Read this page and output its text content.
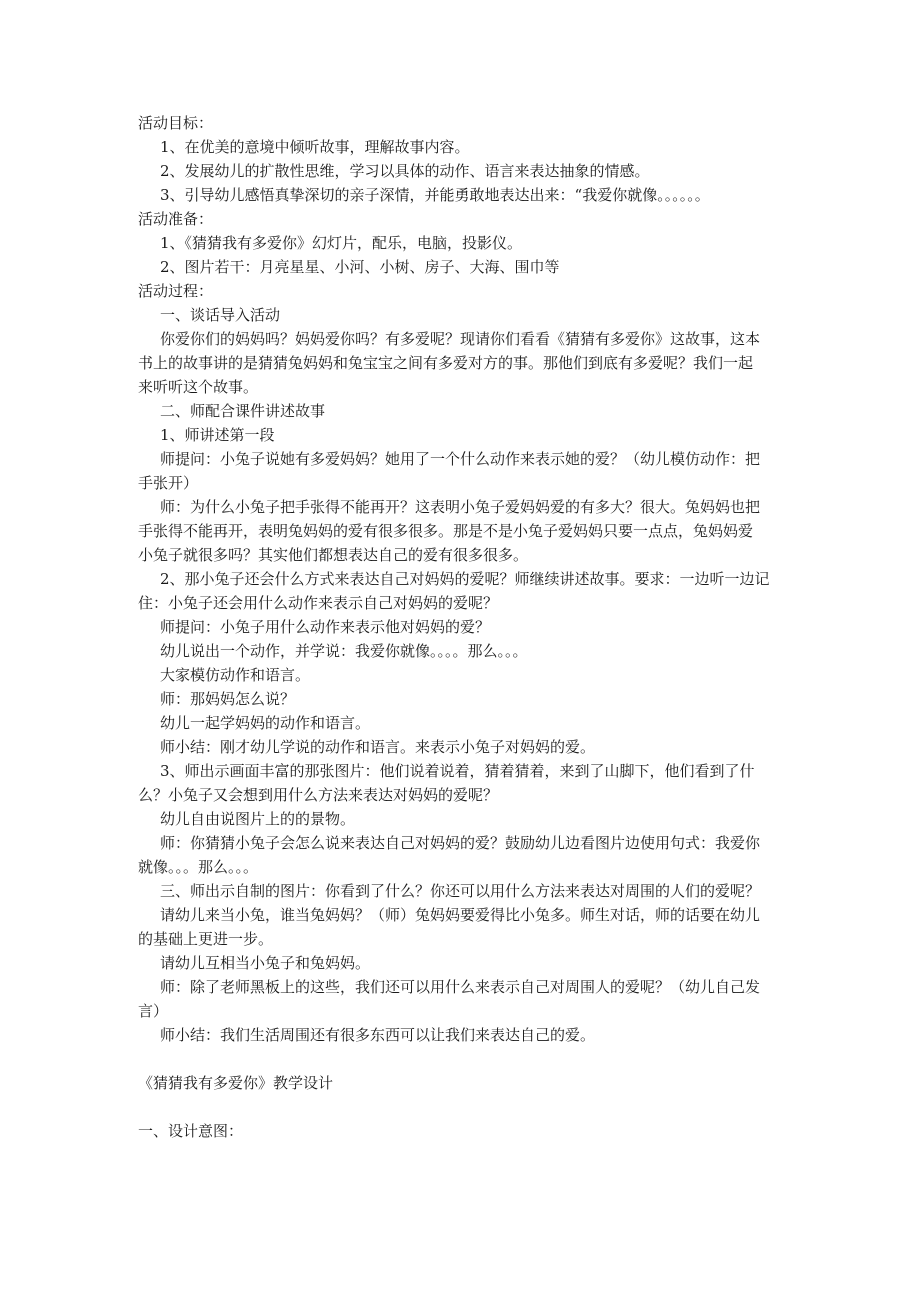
活动目标：
1、在优美的意境中倾听故事，理解故事内容。
2、发展幼儿的扩散性思维，学习以具体的动作、语言来表达抽象的情感。
3、引导幼儿感悟真挚深切的亲子深情，并能勇敢地表达出来：“我爱你就像。。。。。。
活动准备：
1、《猜猜我有多爱你》幻灯片，配乐，电脑，投影仪。
2、图片若干：月亮星星、小河、小树、房子、大海、围巾等
活动过程：
一、谈话导入活动
你爱你们的妈妈吗？妈妈爱你吗？有多爱呢？现请你们看看《猜猜有多爱你》这故事，这本
书上的故事讲的是猜猜兔妈妈和兔宝宝之间有多爱对方的事。那他们到底有多爱呢？我们一起
来听听这个故事。
二、师配合课件讲述故事
1、师讲述第一段
师提问：小兔子说她有多爱妈妈？她用了一个什么动作来表示她的爱？（幼儿模仿动作：把
手张开）
师：为什么小兔子把手张得不能再开？这表明小兔子爱妈妈爱的有多大？很大。兔妈妈也把
手张得不能再开，表明兔妈妈的爱有很多很多。那是不是小兔子爱妈妈只要一点点，兔妈妈爱
小兔子就很多吗？其实他们都想表达自己的爱有很多很多。
2、那小兔子还会什么方式来表达自己对妈妈的爱呢？师继续讲述故事。要求：一边听一边记
住：小兔子还会用什么动作来表示自己对妈妈的爱呢？
师提问：小兔子用什么动作来表示他对妈妈的爱？
幼儿说出一个动作，并学说：我爱你就像。。。。那么。。。
大家模仿动作和语言。
师：那妈妈怎么说？
幼儿一起学妈妈的动作和语言。
师小结：刚才幼儿学说的动作和语言。来表示小兔子对妈妈的爱。
3、师出示画面丰富的那张图片：他们说着说着，猜着猜着，来到了山脚下，他们看到了什
么？小兔子又会想到用什么方法来表达对妈妈的爱呢？
幼儿自由说图片上的的景物。
师：你猜猜小兔子会怎么说来表达自己对妈妈的爱？鼓励幼儿边看图片边使用句式：我爱你
就像。。。那么。。。
三、师出示自制的图片：你看到了什么？你还可以用什么方法来表达对周围的人们的爱呢？
请幼儿来当小兔，谁当兔妈妈？（师）兔妈妈要爱得比小兔多。师生对话，师的话要在幼儿
的基础上更进一步。
请幼儿互相当小兔子和兔妈妈。
师：除了老师黑板上的这些，我们还可以用什么来表示自己对周围人的爱呢？（幼儿自己发
言）
师小结：我们生活周围还有很多东西可以让我们来表达自己的爱。
《猜猜我有多爱你》教学设计
一、设计意图：
